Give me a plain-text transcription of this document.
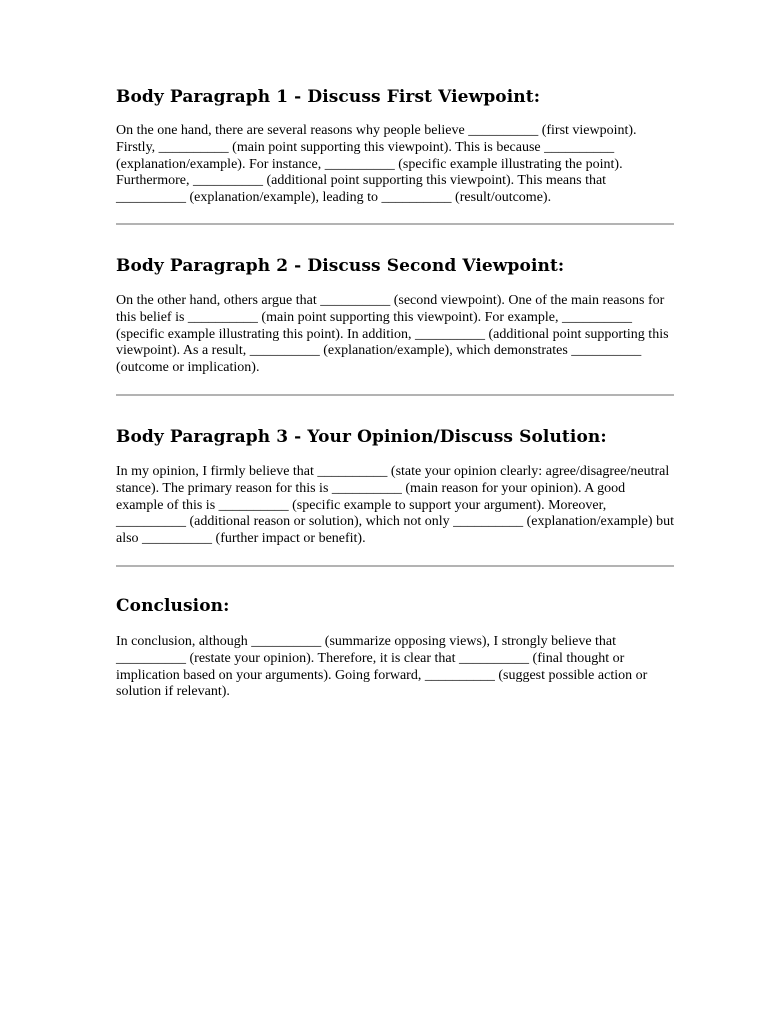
Body Paragraph 1 - Discuss First Viewpoint:

On the one hand, there are several reasons why people believe __________ (first viewpoint). Firstly, __________ (main point supporting this viewpoint). This is because __________ (explanation/example). For instance, __________ (specific example illustrating the point). Furthermore, __________ (additional point supporting this viewpoint). This means that __________ (explanation/example), leading to __________ (result/outcome).

Body Paragraph 2 - Discuss Second Viewpoint:

On the other hand, others argue that __________ (second viewpoint). One of the main reasons for this belief is __________ (main point supporting this viewpoint). For example, __________ (specific example illustrating this point). In addition, __________ (additional point supporting this viewpoint). As a result, __________ (explanation/example), which demonstrates __________ (outcome or implication).

Body Paragraph 3 - Your Opinion/Discuss Solution:

In my opinion, I firmly believe that __________ (state your opinion clearly: agree/disagree/neutral stance). The primary reason for this is __________ (main reason for your opinion). A good example of this is __________ (specific example to support your argument). Moreover, __________ (additional reason or solution), which not only __________ (explanation/example) but also __________ (further impact or benefit).

Conclusion:

In conclusion, although __________ (summarize opposing views), I strongly believe that __________ (restate your opinion). Therefore, it is clear that __________ (final thought or implication based on your arguments). Going forward, __________ (suggest possible action or solution if relevant).
